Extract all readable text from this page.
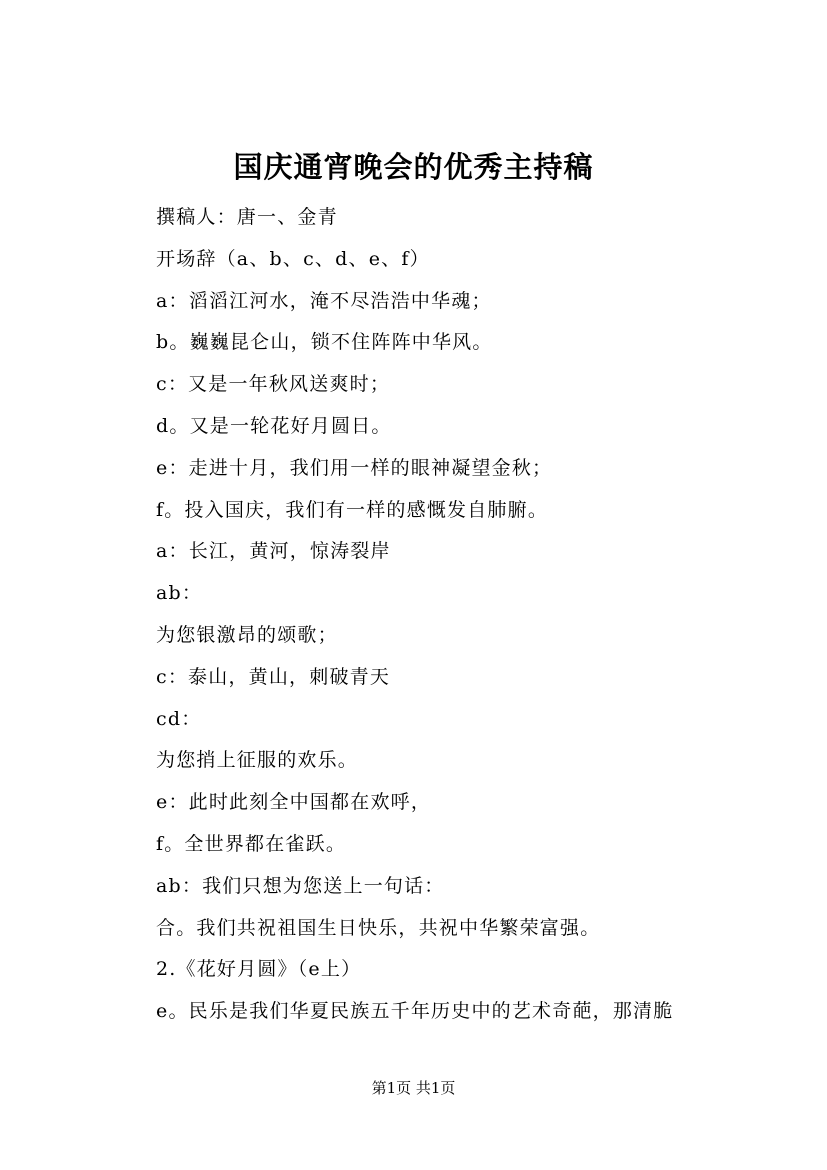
国庆通宵晚会的优秀主持稿
撰稿人：唐一、金青
开场辞（a、b、c、d、e、f）
a：滔滔江河水，淹不尽浩浩中华魂；
b。巍巍昆仑山，锁不住阵阵中华风。
c：又是一年秋风送爽时；
d。又是一轮花好月圆日。
e：走进十月，我们用一样的眼神凝望金秋；
f。投入国庆，我们有一样的感慨发自肺腑。
a：长江，黄河，惊涛裂岸
ab：
为您银激昂的颂歌；
c：泰山，黄山，刺破青天
cd：
为您捎上征服的欢乐。
e：此时此刻全中国都在欢呼，
f。全世界都在雀跃。
ab：我们只想为您送上一句话：
合。我们共祝祖国生日快乐，共祝中华繁荣富强。
2.《花好月圆》（e上）
e。民乐是我们华夏民族五千年历史中的艺术奇葩，那清脆
第1页 共1页
